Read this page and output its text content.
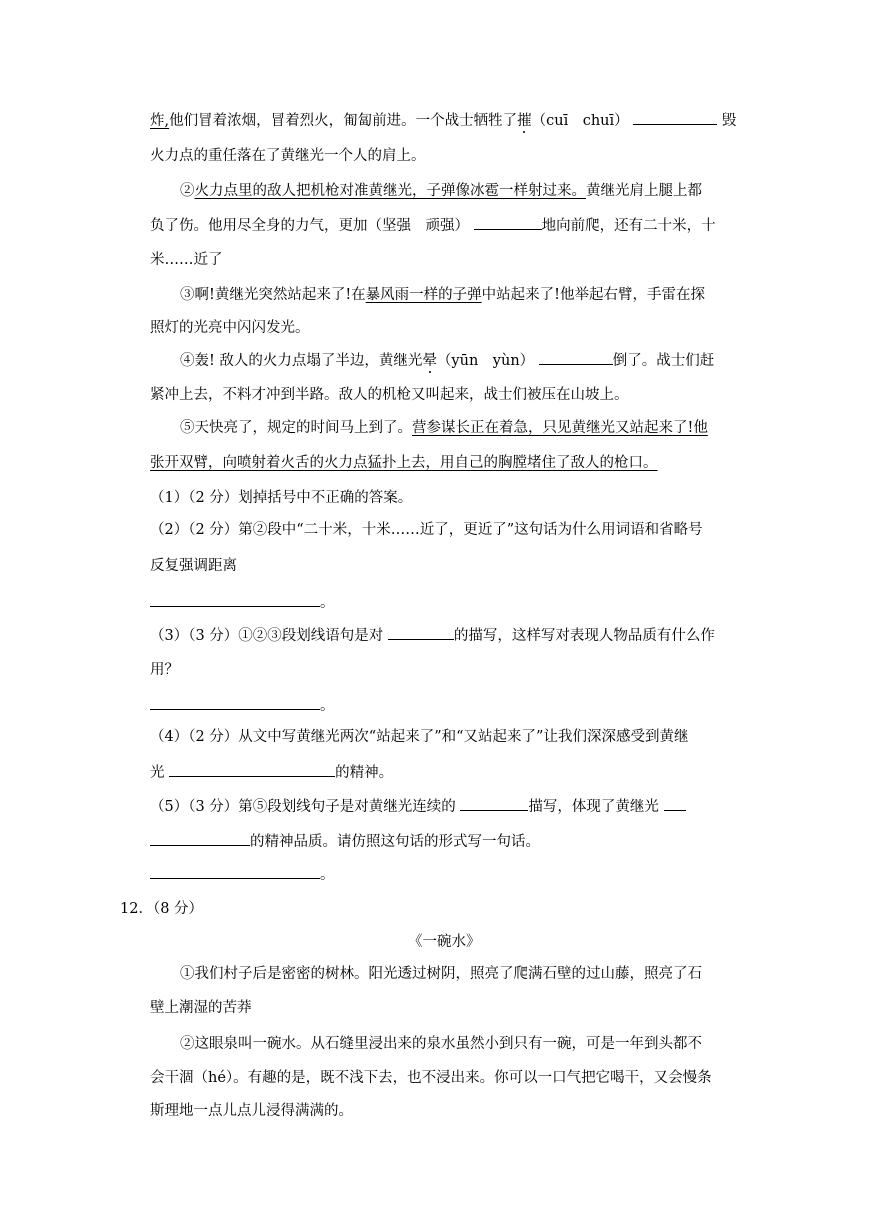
炸,他们冒着浓烟，冒着烈火，匍匐前进。一个战士牺牲了摧（cuī　chuī）	毁
火力点的重任落在了黄继光一个人的肩上。
②火力点里的敌人把机枪对准黄继光，子弹像冰雹一样射过来。黄继光肩上腿上都
负了伤。他用尽全身的力气，更加（坚强　顽强）	地向前爬，还有二十米，十
米……近了
③啊!黄继光突然站起来了!在暴风雨一样的子弹中站起来了!他举起右臂，手雷在探
照灯的光亮中闪闪发光。
④轰! 敌人的火力点塌了半边，黄继光晕（yūn　yùn）	倒了。战士们赶
紧冲上去，不料才冲到半路。敌人的机枪又叫起来，战士们被压在山坡上。
⑤天快亮了，规定的时间马上到了。营参谋长正在着急，只见黄继光又站起来了!他
张开双臂，向喷射着火舌的火力点猛扑上去，用自己的胸膛堵住了敌人的枪口。
（1）（2 分）划掉括号中不正确的答案。
（2）（2 分）第②段中“二十米，十米……近了，更近了”这句话为什么用词语和省略号
反复强调距离
。
（3）（3 分）①②③段划线语句是对	的描写，这样写对表现人物品质有什么作
用？
。
（4）（2 分）从文中写黄继光两次“站起来了”和“又站起来了”让我们深深感受到黄继
光	的精神。
（5）（3 分）第⑤段划线句子是对黄继光连续的	描写，体现了黄继光
的精神品质。请仿照这句话的形式写一句话。
。
12．（8 分）
《一碗水》
①我们村子后是密密的树林。阳光透过树阴，照亮了爬满石壁的过山藤，照亮了石
壁上潮湿的苦莽
②这眼泉叫一碗水。从石缝里浸出来的泉水虽然小到只有一碗，可是一年到头都不
会干涸（hé）。有趣的是，既不浅下去，也不浸出来。你可以一口气把它喝干，又会慢条
斯理地一点儿点儿浸得满满的。
